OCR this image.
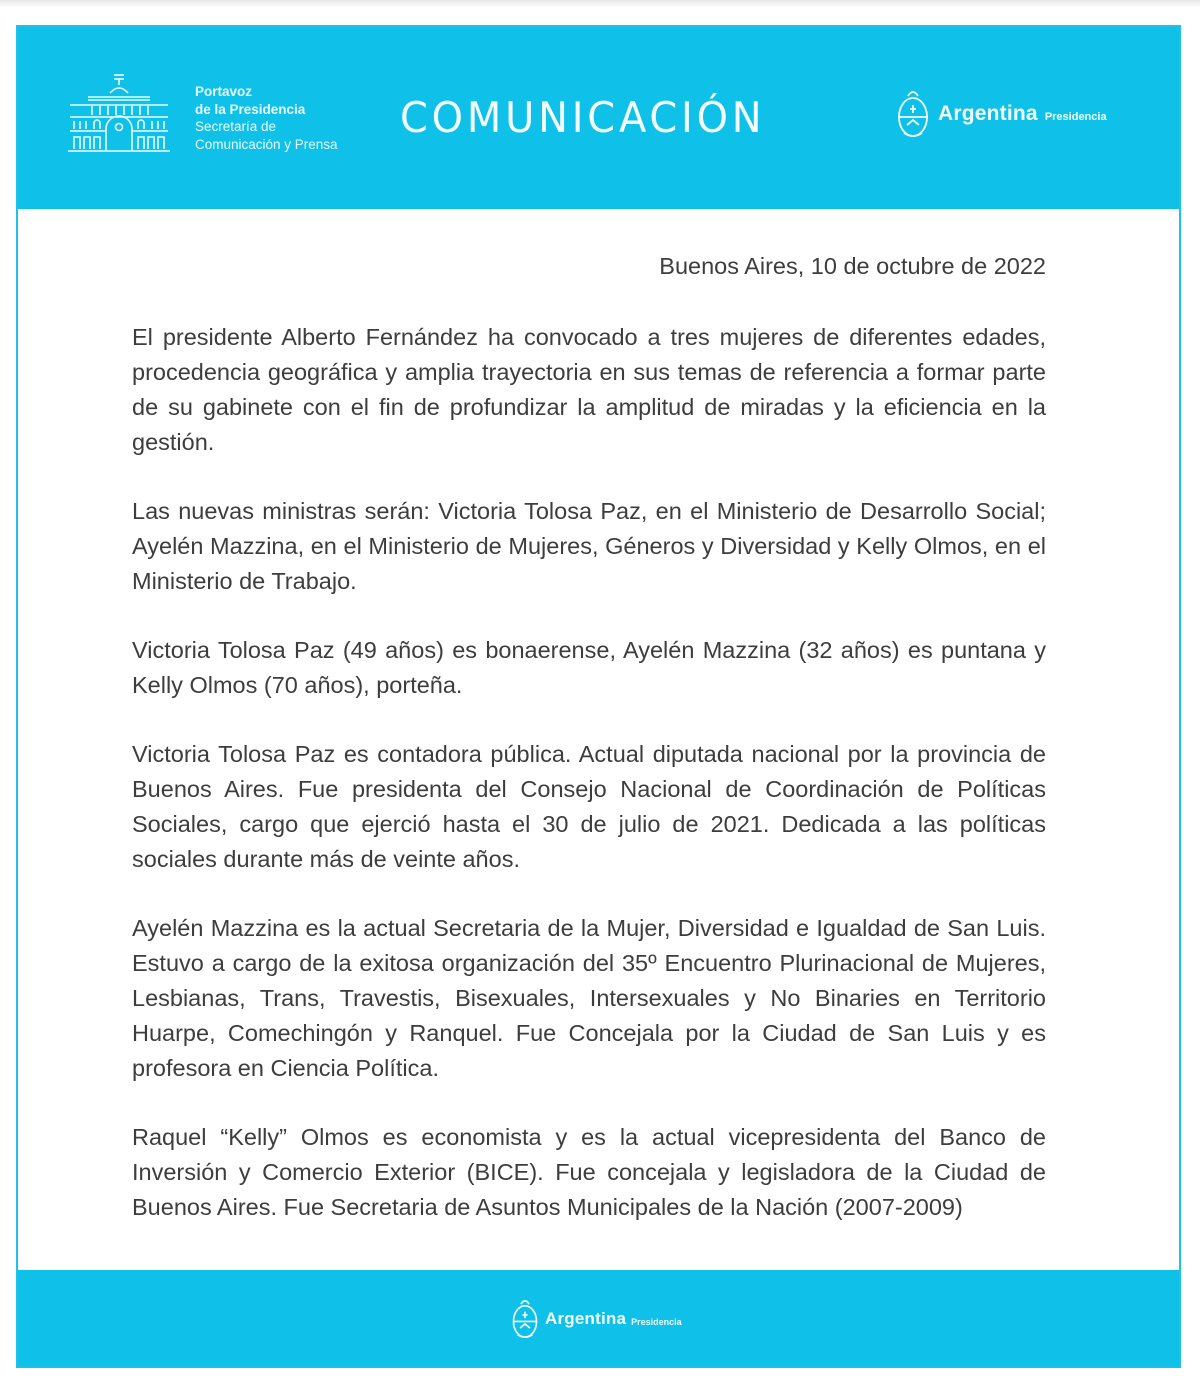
Portavoz
de la Presidencia
Secretaría de
Comunicación y Prensa
COMUNICACIÓN	Argentina Presidencia
Buenos Aires, 10 de octubre de 2022

El presidente Alberto Fernández ha convocado a tres mujeres de diferentes edades, procedencia geográfica y amplia trayectoria en sus temas de referencia a formar parte de su gabinete con el fin de profundizar la amplitud de miradas y la eficiencia en la gestión.

Las nuevas ministras serán: Victoria Tolosa Paz, en el Ministerio de Desarrollo Social; Ayelén Mazzina, en el Ministerio de Mujeres, Géneros y Diversidad y Kelly Olmos, en el Ministerio de Trabajo.

Victoria Tolosa Paz (49 años) es bonaerense, Ayelén Mazzina (32 años) es puntana y Kelly Olmos (70 años), porteña.

Victoria Tolosa Paz es contadora pública. Actual diputada nacional por la provincia de Buenos Aires. Fue presidenta del Consejo Nacional de Coordinación de Políticas Sociales, cargo que ejerció hasta el 30 de julio de 2021. Dedicada a las políticas sociales durante más de veinte años.

Ayelén Mazzina es la actual Secretaria de la Mujer, Diversidad e Igualdad de San Luis. Estuvo a cargo de la exitosa organización del 35º Encuentro Plurinacional de Mujeres, Lesbianas, Trans, Travestis, Bisexuales, Intersexuales y No Binaries en Territorio Huarpe, Comechingón y Ranquel. Fue Concejala por la Ciudad de San Luis y es profesora en Ciencia Política.

Raquel “Kelly” Olmos es economista y es la actual vicepresidenta del Banco de Inversión y Comercio Exterior (BICE). Fue concejala y legisladora de la Ciudad de Buenos Aires. Fue Secretaria de Asuntos Municipales de la Nación (2007-2009)

Argentina Presidencia
